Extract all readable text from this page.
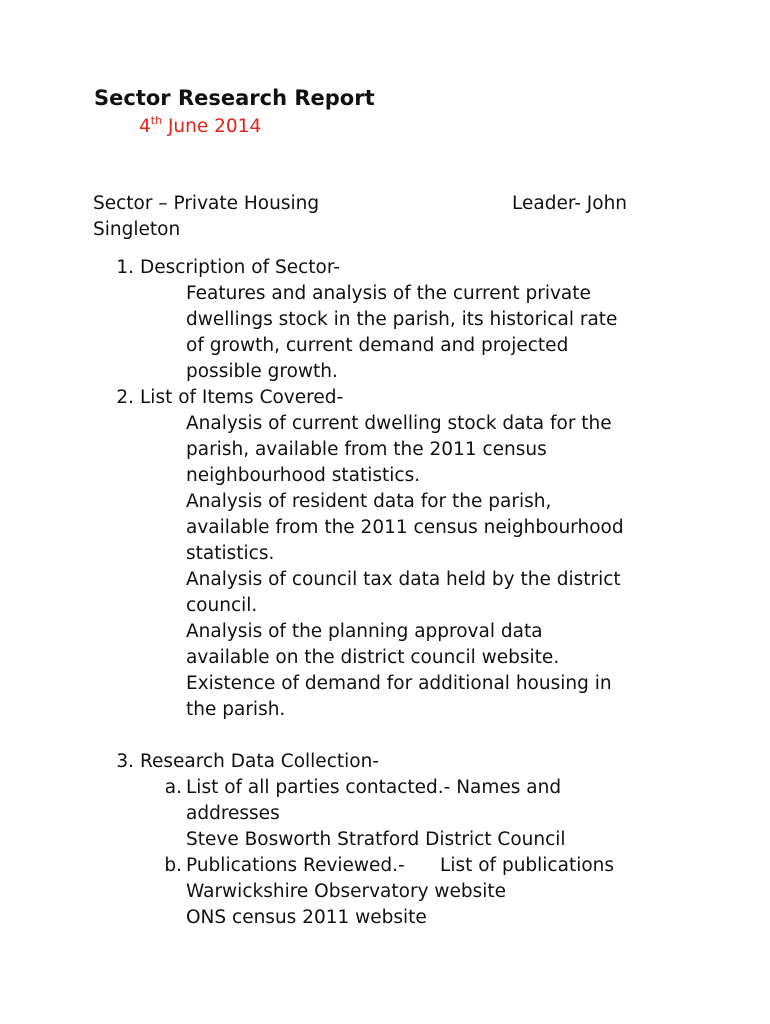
Sector Research Report
4th June 2014
Sector – Private Housing	Leader- John
Singleton
1. Description of Sector-
Features and analysis of the current private
dwellings stock in the parish, its historical rate
of growth, current demand and projected
possible growth.
2. List of Items Covered-
Analysis of current dwelling stock data for the
parish, available from the 2011 census
neighbourhood statistics.
Analysis of resident data for the parish,
available from the 2011 census neighbourhood
statistics.
Analysis of council tax data held by the district
council.
Analysis of the planning approval data
available on the district council website.
Existence of demand for additional housing in
the parish.
3. Research Data Collection-
a. List of all parties contacted.- Names and
addresses
Steve Bosworth Stratford District Council
b. Publications Reviewed.-      List of publications
Warwickshire Observatory website
ONS census 2011 website
